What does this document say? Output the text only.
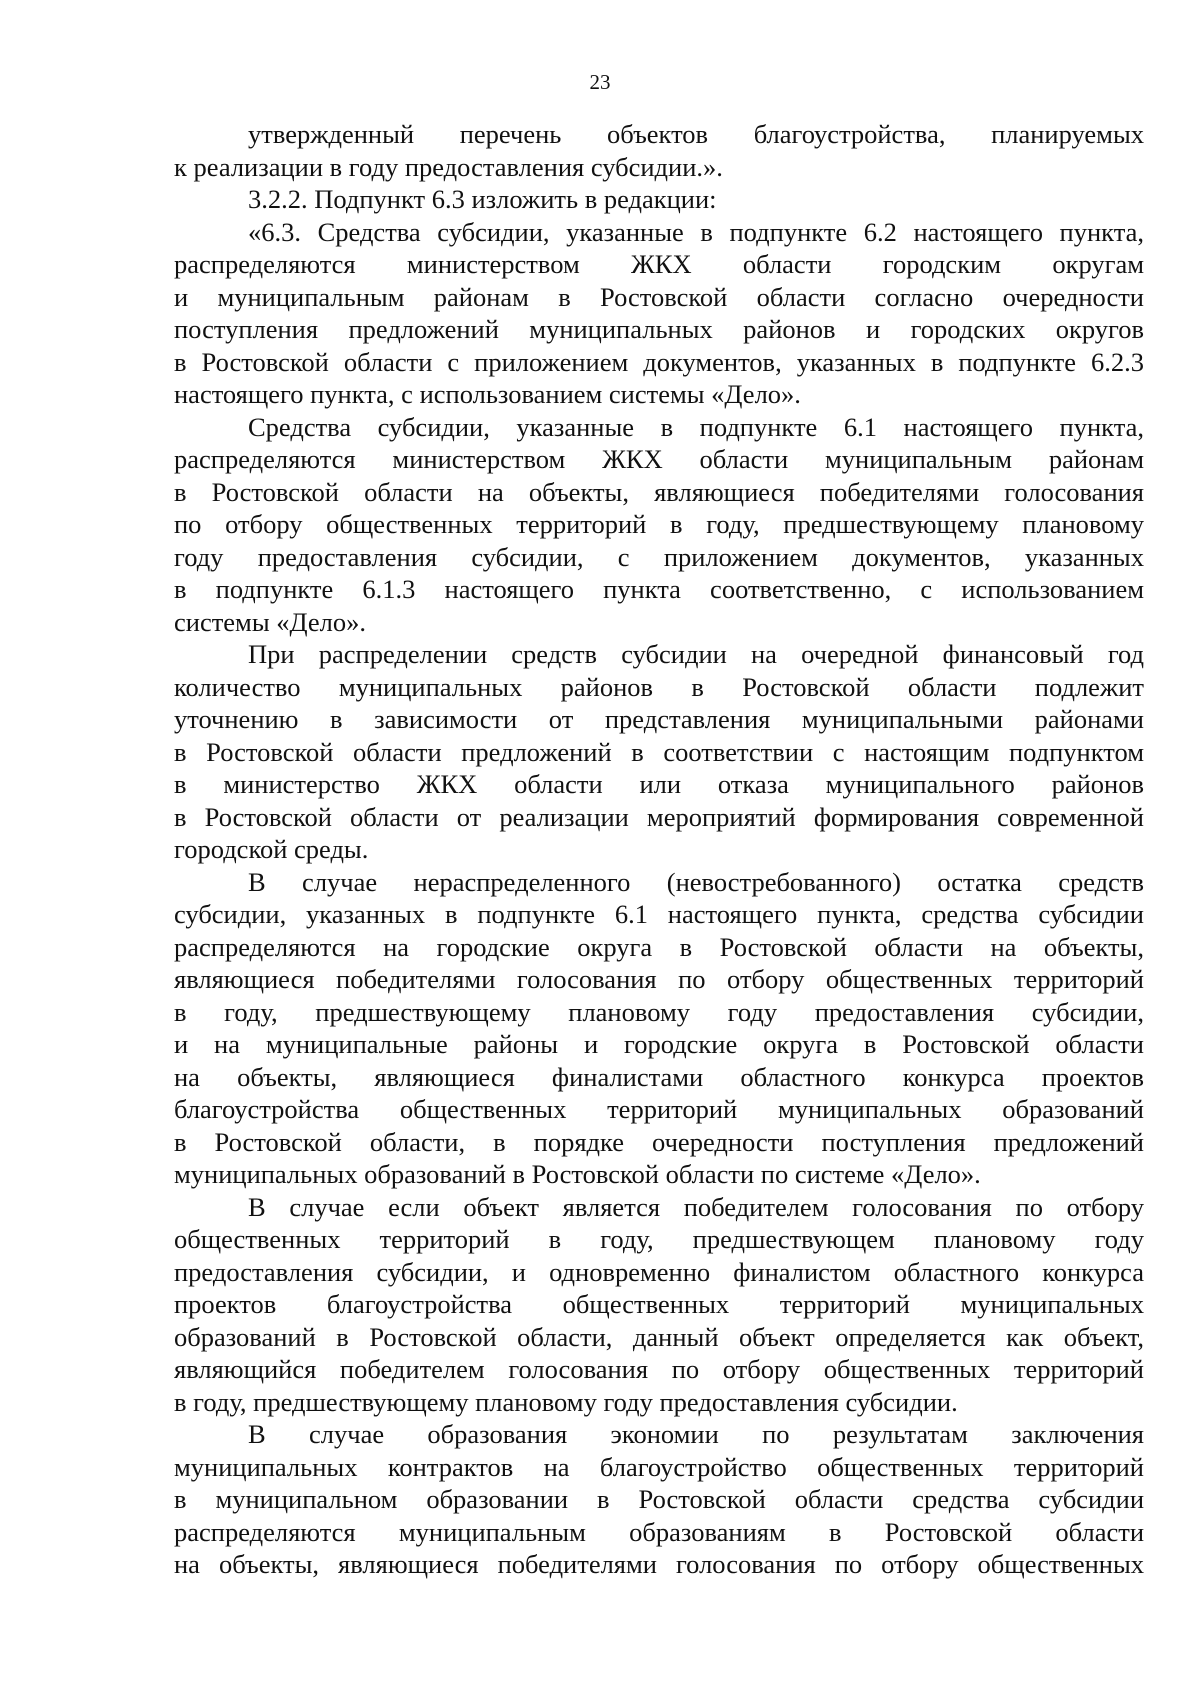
23
утвержденный перечень объектов благоустройства, планируемых
к реализации в году предоставления субсидии.».
3.2.2. Подпункт 6.3 изложить в редакции:
«6.3. Средства субсидии, указанные в подпункте 6.2 настоящего пункта,
распределяются министерством ЖКХ области городским округам
и муниципальным районам в Ростовской области согласно очередности
поступления предложений муниципальных районов и городских округов
в Ростовской области с приложением документов, указанных в подпункте 6.2.3
настоящего пункта, с использованием системы «Дело».
Средства субсидии, указанные в подпункте 6.1 настоящего пункта,
распределяются министерством ЖКХ области муниципальным районам
в Ростовской области на объекты, являющиеся победителями голосования
по отбору общественных территорий в году, предшествующему плановому
году предоставления субсидии, с приложением документов, указанных
в подпункте 6.1.3 настоящего пункта соответственно, с использованием
системы «Дело».
При распределении средств субсидии на очередной финансовый год
количество муниципальных районов в Ростовской области подлежит
уточнению в зависимости от представления муниципальными районами
в Ростовской области предложений в соответствии с настоящим подпунктом
в министерство ЖКХ области или отказа муниципального районов
в Ростовской области от реализации мероприятий формирования современной
городской среды.
В случае нераспределенного (невостребованного) остатка средств
субсидии, указанных в подпункте 6.1 настоящего пункта, средства субсидии
распределяются на городские округа в Ростовской области на объекты,
являющиеся победителями голосования по отбору общественных территорий
в году, предшествующему плановому году предоставления субсидии,
и на муниципальные районы и городские округа в Ростовской области
на объекты, являющиеся финалистами областного конкурса проектов
благоустройства общественных территорий муниципальных образований
в Ростовской области, в порядке очередности поступления предложений
муниципальных образований в Ростовской области по системе «Дело».
В случае если объект является победителем голосования по отбору
общественных территорий в году, предшествующем плановому году
предоставления субсидии, и одновременно финалистом областного конкурса
проектов благоустройства общественных территорий муниципальных
образований в Ростовской области, данный объект определяется как объект,
являющийся победителем голосования по отбору общественных территорий
в году, предшествующему плановому году предоставления субсидии.
В случае образования экономии по результатам заключения
муниципальных контрактов на благоустройство общественных территорий
в муниципальном образовании в Ростовской области средства субсидии
распределяются муниципальным образованиям в Ростовской области
на объекты, являющиеся победителями голосования по отбору общественных
